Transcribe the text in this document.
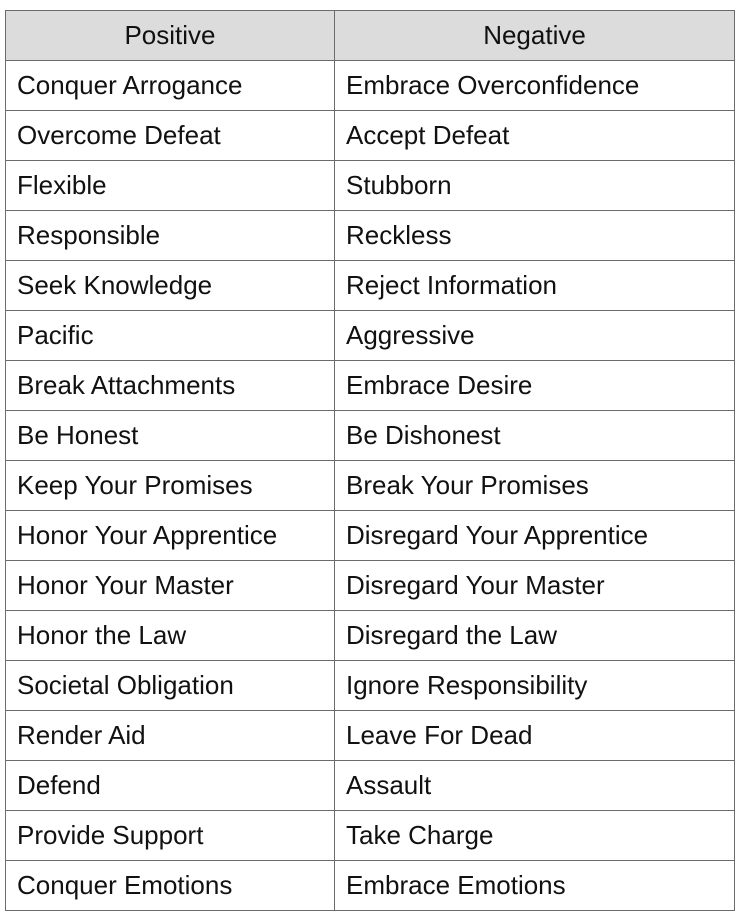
Positive	Negative
Conquer Arrogance	Embrace Overconfidence
Overcome Defeat	Accept Defeat
Flexible	Stubborn
Responsible	Reckless
Seek Knowledge	Reject Information
Pacific	Aggressive
Break Attachments	Embrace Desire
Be Honest	Be Dishonest
Keep Your Promises	Break Your Promises
Honor Your Apprentice	Disregard Your Apprentice
Honor Your Master	Disregard Your Master
Honor the Law	Disregard the Law
Societal Obligation	Ignore Responsibility
Render Aid	Leave For Dead
Defend	Assault
Provide Support	Take Charge
Conquer Emotions	Embrace Emotions
